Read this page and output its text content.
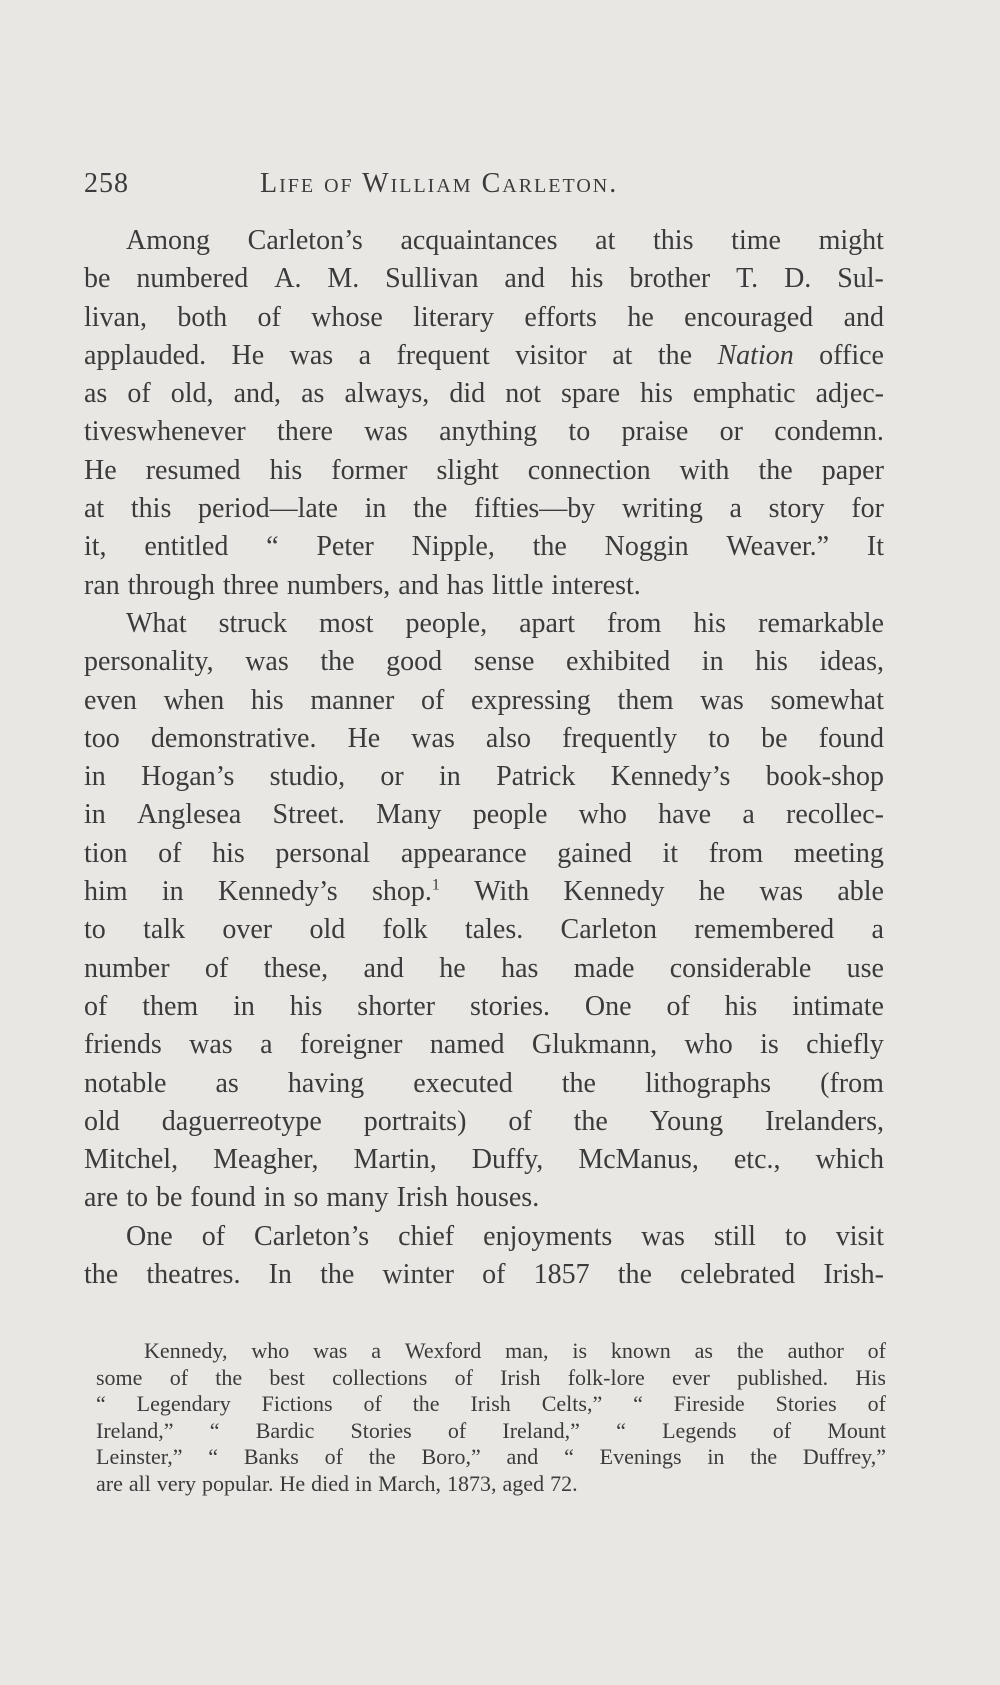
258	Life of William Carleton.
Among Carleton’s acquaintances at this time might
be numbered A. M. Sullivan and his brother T. D. Sul-
livan, both of whose literary efforts he encouraged and
applauded. He was a frequent visitor at the Nation office
as of old, and, as always, did not spare his emphatic adjec-
tiveswhenever there was anything to praise or condemn.
He resumed his former slight connection with the paper
at this period—late in the fifties—by writing a story for
it, entitled “ Peter Nipple, the Noggin Weaver.” It
ran through three numbers, and has little interest.
What struck most people, apart from his remarkable
personality, was the good sense exhibited in his ideas,
even when his manner of expressing them was somewhat
too demonstrative. He was also frequently to be found
in Hogan’s studio, or in Patrick Kennedy’s book-shop
in Anglesea Street. Many people who have a recollec-
tion of his personal appearance gained it from meeting
him in Kennedy’s shop.$^1$ With Kennedy he was able
to talk over old folk tales. Carleton remembered a
number of these, and he has made considerable use
of them in his shorter stories. One of his intimate
friends was a foreigner named Glukmann, who is chiefly
notable as having executed the lithographs (from
old daguerreotype portraits) of the Young Irelanders,
Mitchel, Meagher, Martin, Duffy, McManus, etc., which
are to be found in so many Irish houses.
One of Carleton’s chief enjoyments was still to visit
the theatres. In the winter of 1857 the celebrated Irish-
Kennedy, who was a Wexford man, is known as the author of
some of the best collections of Irish folk-lore ever published. His
“ Legendary Fictions of the Irish Celts,” “ Fireside Stories of
Ireland,” “ Bardic Stories of Ireland,” “ Legends of Mount
Leinster,” “ Banks of the Boro,” and “ Evenings in the Duffrey,”
are all very popular. He died in March, 1873, aged 72.
